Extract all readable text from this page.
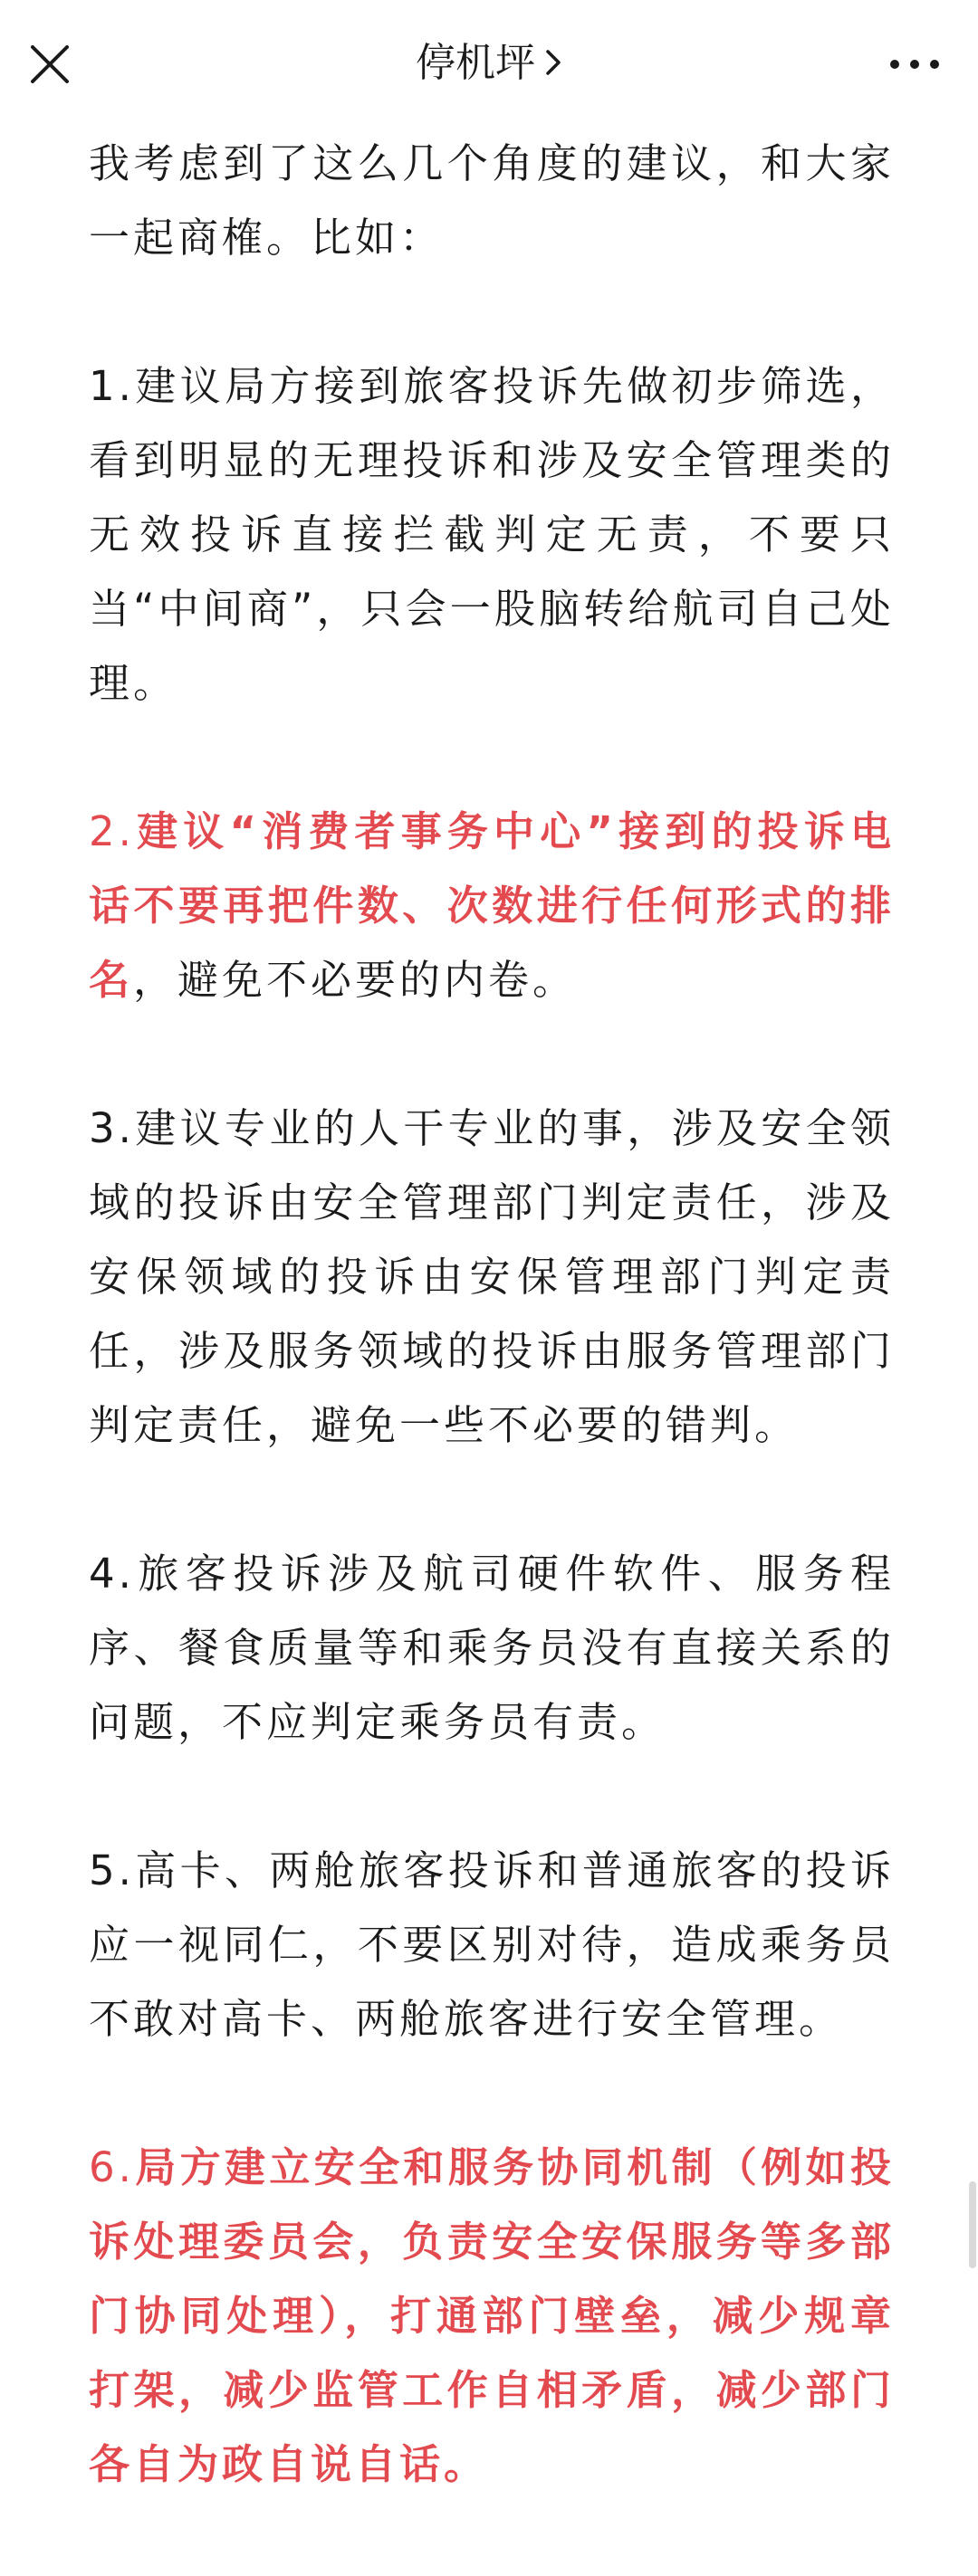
停机坪

我考虑到了这么几个角度的建议，和大家一起商榷。比如：

1.建议局方接到旅客投诉先做初步筛选，看到明显的无理投诉和涉及安全管理类的无效投诉直接拦截判定无责，不要只当“中间商”，只会一股脑转给航司自己处理。

2.建议“消费者事务中心”接到的投诉电话不要再把件数、次数进行任何形式的排名，避免不必要的内卷。

3.建议专业的人干专业的事，涉及安全领域的投诉由安全管理部门判定责任，涉及安保领域的投诉由安保管理部门判定责任，涉及服务领域的投诉由服务管理部门判定责任，避免一些不必要的错判。

4.旅客投诉涉及航司硬件软件、服务程序、餐食质量等和乘务员没有直接关系的问题，不应判定乘务员有责。

5.高卡、两舱旅客投诉和普通旅客的投诉应一视同仁，不要区别对待，造成乘务员不敢对高卡、两舱旅客进行安全管理。

6.局方建立安全和服务协同机制（例如投诉处理委员会，负责安全安保服务等多部门协同处理），打通部门壁垒，减少规章打架，减少监管工作自相矛盾，减少部门各自为政自说自话。
